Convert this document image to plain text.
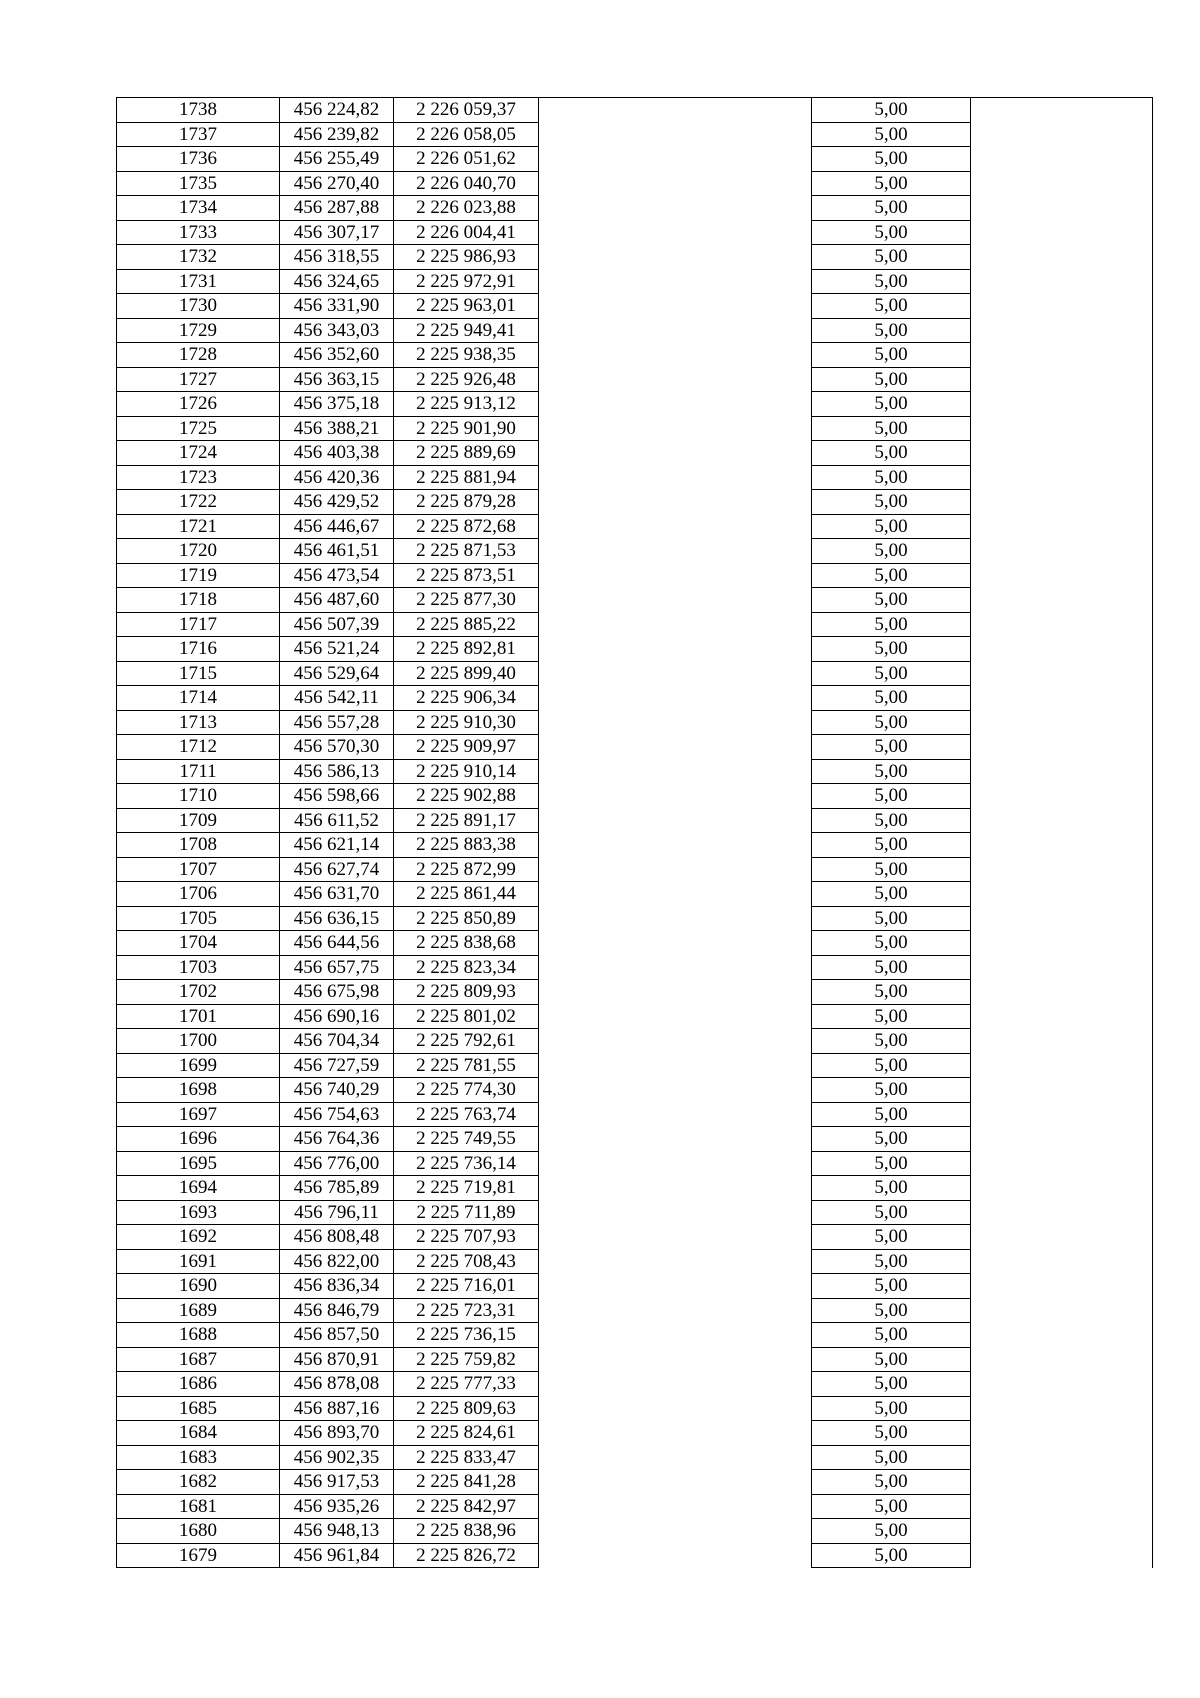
1738	456 224,82	2 226 059,37		5,00	
1737	456 239,82	2 226 058,05		5,00	
1736	456 255,49	2 226 051,62		5,00	
1735	456 270,40	2 226 040,70		5,00	
1734	456 287,88	2 226 023,88		5,00	
1733	456 307,17	2 226 004,41		5,00	
1732	456 318,55	2 225 986,93		5,00	
1731	456 324,65	2 225 972,91		5,00	
1730	456 331,90	2 225 963,01		5,00	
1729	456 343,03	2 225 949,41		5,00	
1728	456 352,60	2 225 938,35		5,00	
1727	456 363,15	2 225 926,48		5,00	
1726	456 375,18	2 225 913,12		5,00	
1725	456 388,21	2 225 901,90		5,00	
1724	456 403,38	2 225 889,69		5,00	
1723	456 420,36	2 225 881,94		5,00	
1722	456 429,52	2 225 879,28		5,00	
1721	456 446,67	2 225 872,68		5,00	
1720	456 461,51	2 225 871,53		5,00	
1719	456 473,54	2 225 873,51		5,00	
1718	456 487,60	2 225 877,30		5,00	
1717	456 507,39	2 225 885,22		5,00	
1716	456 521,24	2 225 892,81		5,00	
1715	456 529,64	2 225 899,40		5,00	
1714	456 542,11	2 225 906,34		5,00	
1713	456 557,28	2 225 910,30		5,00	
1712	456 570,30	2 225 909,97		5,00	
1711	456 586,13	2 225 910,14		5,00	
1710	456 598,66	2 225 902,88		5,00	
1709	456 611,52	2 225 891,17		5,00	
1708	456 621,14	2 225 883,38		5,00	
1707	456 627,74	2 225 872,99		5,00	
1706	456 631,70	2 225 861,44		5,00	
1705	456 636,15	2 225 850,89		5,00	
1704	456 644,56	2 225 838,68		5,00	
1703	456 657,75	2 225 823,34		5,00	
1702	456 675,98	2 225 809,93		5,00	
1701	456 690,16	2 225 801,02		5,00	
1700	456 704,34	2 225 792,61		5,00	
1699	456 727,59	2 225 781,55		5,00	
1698	456 740,29	2 225 774,30		5,00	
1697	456 754,63	2 225 763,74		5,00	
1696	456 764,36	2 225 749,55		5,00	
1695	456 776,00	2 225 736,14		5,00	
1694	456 785,89	2 225 719,81		5,00	
1693	456 796,11	2 225 711,89		5,00	
1692	456 808,48	2 225 707,93		5,00	
1691	456 822,00	2 225 708,43		5,00	
1690	456 836,34	2 225 716,01		5,00	
1689	456 846,79	2 225 723,31		5,00	
1688	456 857,50	2 225 736,15		5,00	
1687	456 870,91	2 225 759,82		5,00	
1686	456 878,08	2 225 777,33		5,00	
1685	456 887,16	2 225 809,63		5,00	
1684	456 893,70	2 225 824,61		5,00	
1683	456 902,35	2 225 833,47		5,00	
1682	456 917,53	2 225 841,28		5,00	
1681	456 935,26	2 225 842,97		5,00	
1680	456 948,13	2 225 838,96		5,00	
1679	456 961,84	2 225 826,72		5,00	
